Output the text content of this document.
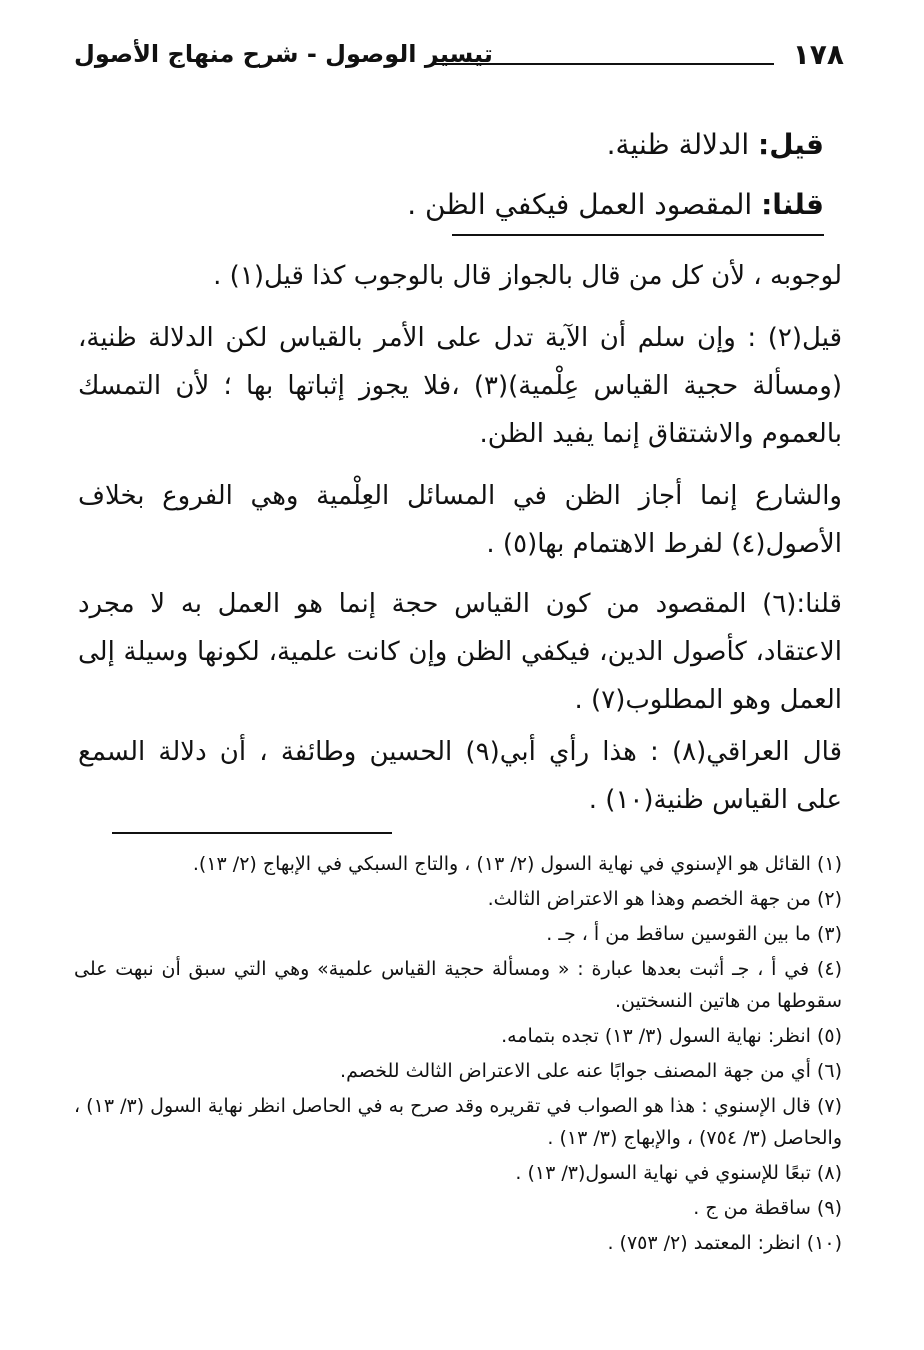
١٧٨
تيسير الوصول - شرح منهاج الأصول
قيل: الدلالة ظنية.
قلنا: المقصود العمل فيكفي الظن .

لوجوبه ، لأن كل من قال بالجواز قال بالوجوب كذا قيل(١) .

قيل(٢) : وإن سلم أن الآية تدل على الأمر بالقياس لكن الدلالة ظنية، (ومسألة حجية القياس عِلْمية)(٣) ،فلا يجوز إثباتها بها ؛ لأن التمسك بالعموم والاشتقاق إنما يفيد الظن.

والشارع إنما أجاز الظن في المسائل العِلْمية وهي الفروع بخلاف الأصول(٤) لفرط الاهتمام بها(٥) .

قلنا:(٦) المقصود من كون القياس حجة إنما هو العمل به لا مجرد الاعتقاد، كأصول الدين، فيكفي الظن وإن كانت علمية، لكونها وسيلة إلى العمل وهو المطلوب(٧) .

قال العراقي(٨) : هذا رأي أبي(٩) الحسين وطائفة ، أن دلالة السمع على القياس ظنية(١٠) .

(١) القائل هو الإسنوي في نهاية السول (٢/ ١٣) ، والتاج السبكي في الإبهاج (٢/ ١٣).
(٢) من جهة الخصم وهذا هو الاعتراض الثالث.
(٣) ما بين القوسين ساقط من أ ، جـ .
(٤) في أ ، جـ أثبت بعدها عبارة : « ومسألة حجية القياس علمية» وهي التي سبق أن نبهت على سقوطها من هاتين النسختين.
(٥) انظر: نهاية السول (٣/ ١٣) تجده بتمامه.
(٦) أي من جهة المصنف جوابًا عنه على الاعتراض الثالث للخصم.
(٧) قال الإسنوي : هذا هو الصواب في تقريره وقد صرح به في الحاصل انظر نهاية السول (٣/ ١٣) ، والحاصل (٣/ ٧٥٤) ، والإبهاج (٣/ ١٣) .
(٨) تبعًا للإسنوي في نهاية السول(٣/ ١٣) .
(٩) ساقطة من ج .
(١٠) انظر: المعتمد (٢/ ٧٥٣) .
